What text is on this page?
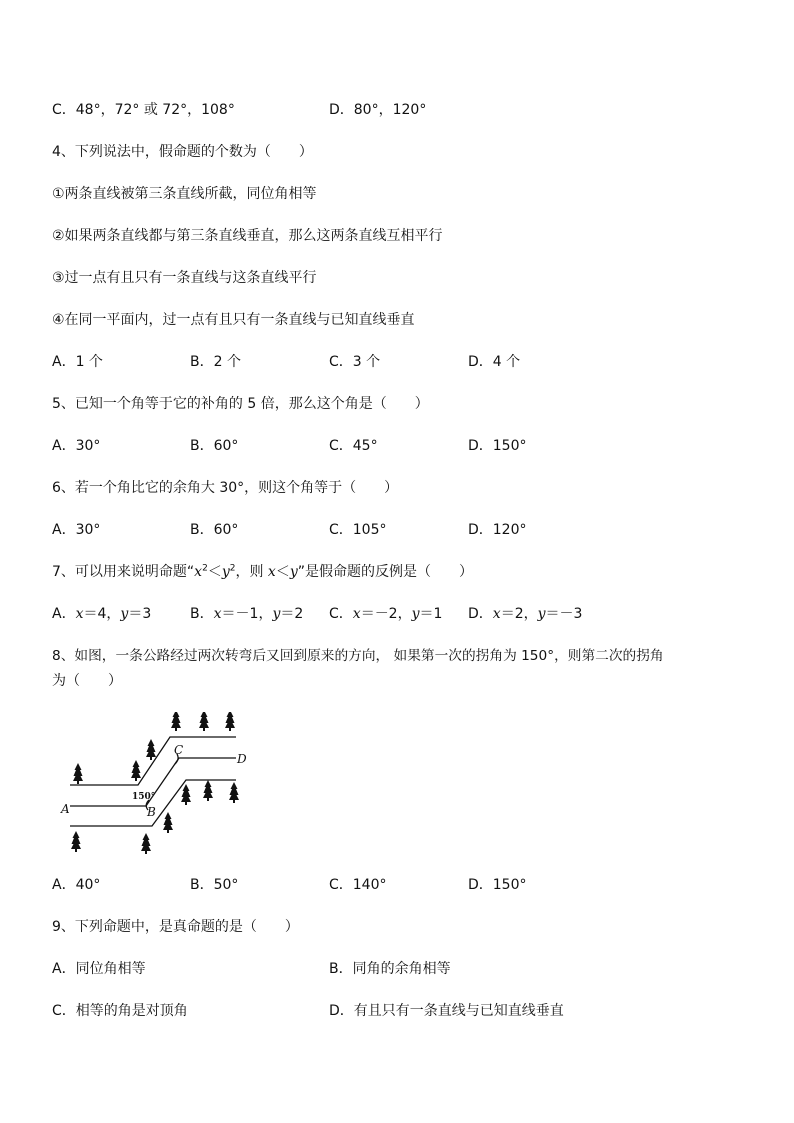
C．48°，72° 或 72°，108°	D．80°，120°
4、下列说法中，假命题的个数为（　　）
①两条直线被第三条直线所截，同位角相等
②如果两条直线都与第三条直线垂直，那么这两条直线互相平行
③过一点有且只有一条直线与这条直线平行
④在同一平面内，过一点有且只有一条直线与已知直线垂直
A．1 个	B．2 个	C．3 个	D．4 个
5、已知一个角等于它的补角的 5 倍，那么这个角是（　　）
A．30°	B．60°	C．45°	D．150°
6、若一个角比它的余角大 30°，则这个角等于（　　）
A．30°	B．60°	C．105°	D．120°
7、可以用来说明命题“$x^2<y^2$，则 x＜y”是假命题的反例是（　　）
A．x＝4，y＝3	B．x＝－1，y＝2 C．x＝－2，y＝1 D．x＝2，y＝－3
8、如图，一条公路经过两次转弯后又回到原来的方向， 如果第一次的拐角为 150°，则第二次的拐角
为（　　）
A	B
C
D
150°
A．40°	B．50°	C．140°	D．150°
9、下列命题中，是真命题的是（　　）
A．同位角相等	B．同角的余角相等
C．相等的角是对顶角	D．有且只有一条直线与已知直线垂直
